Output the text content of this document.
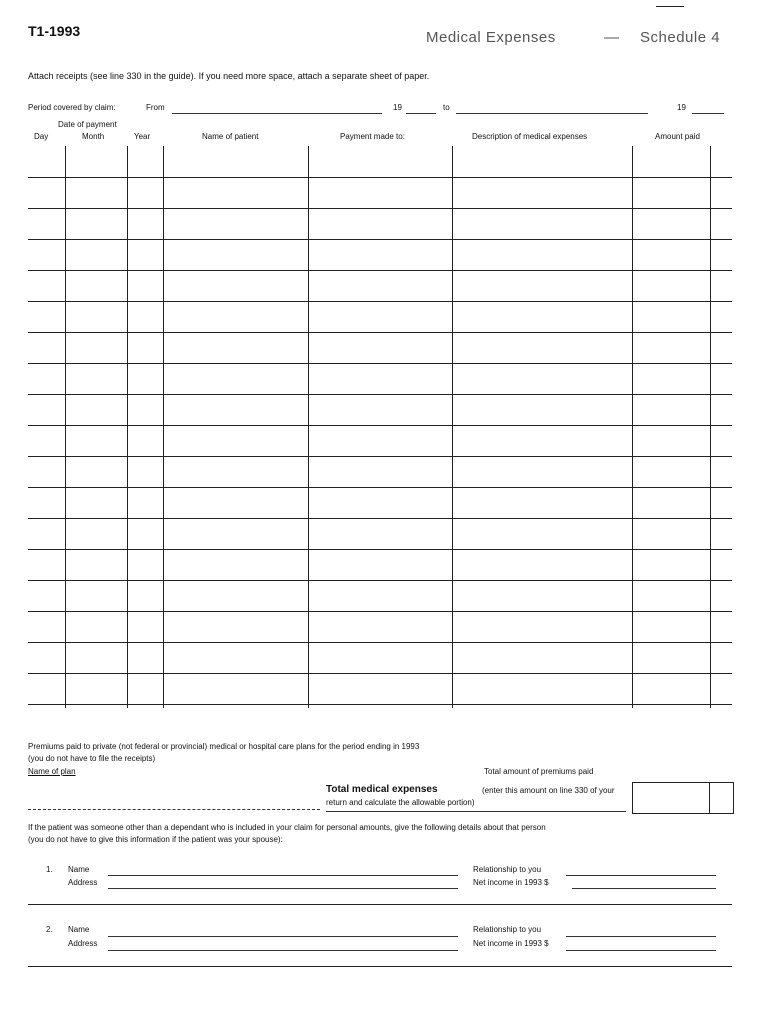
T1-1993	Medical Expenses	— Schedule 4
Attach receipts (see line 330 in the guide). If you need more space, attach a separate sheet of paper.
Period covered by claim:	From	19	to	19
Date of payment
Day	Month	Year	Name of patient	Payment made to:	Description of medical expenses	Amount paid
Premiums paid to private (not federal or provincial) medical or hospital care plans for the period ending in 1993
(you do not have to file the receipts)
Name of plan	Total amount of premiums paid
Total medical expenses	(enter this amount on line 330 of your
return and calculate the allowable portion)
If the patient was someone other than a dependant who is included in your claim for personal amounts, give the following details about that person
(you do not have to give this information if the patient was your spouse):
1. Name
Address
Relationship to you
Net income in 1993 $
2. Name
Address
Relationship to you
Net income in 1993 $
